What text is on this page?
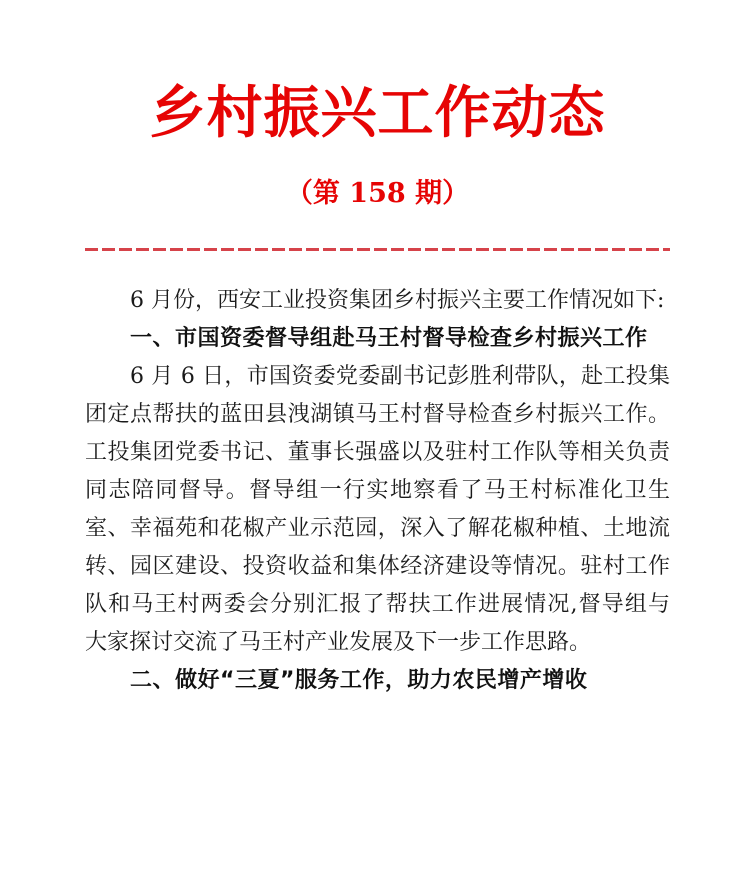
乡村振兴工作动态
（第 158 期）
6 月份，西安工业投资集团乡村振兴主要工作情况如下:
一、市国资委督导组赴马王村督导检查乡村振兴工作
6 月 6 日，市国资委党委副书记彭胜利带队，赴工投集
团定点帮扶的蓝田县洩湖镇马王村督导检查乡村振兴工作。
工投集团党委书记、董事长强盛以及驻村工作队等相关负责
同志陪同督导。督导组一行实地察看了马王村标准化卫生
室、幸福苑和花椒产业示范园，深入了解花椒种植、土地流
转、园区建设、投资收益和集体经济建设等情况。驻村工作
队和马王村两委会分别汇报了帮扶工作进展情况,督导组与
大家探讨交流了马王村产业发展及下一步工作思路。
二、做好“三夏”服务工作，助力农民增产增收
